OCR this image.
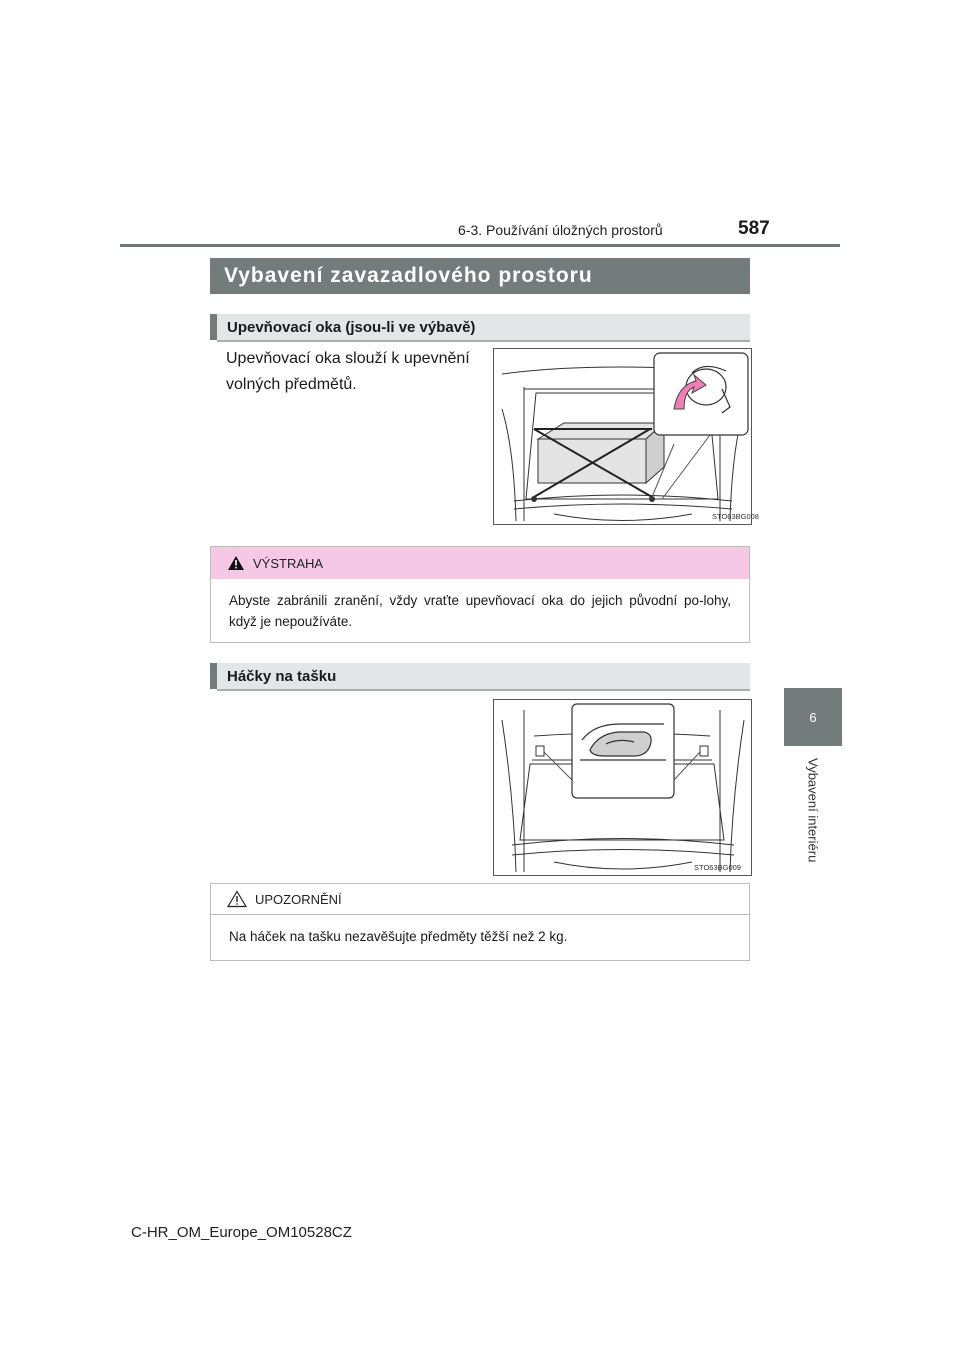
6-3. Používání úložných prostorů	587
6
Vybavení interiéru
Vybavení zavazadlového prostoru
Upevňovací oka (jsou-li ve výbavě)
Upevňovací oka slouží k upevnění volných předmětů.
STO63BG008
VÝSTRAHA
Abyste zabránili zranění, vždy vraťte upevňovací oka do jejich původní po-lohy, když je nepoužíváte.
Háčky na tašku
STO63BG009
UPOZORNĚNÍ
Na háček na tašku nezavěšujte předměty těžší než 2 kg.
C-HR_OM_Europe_OM10528CZ
